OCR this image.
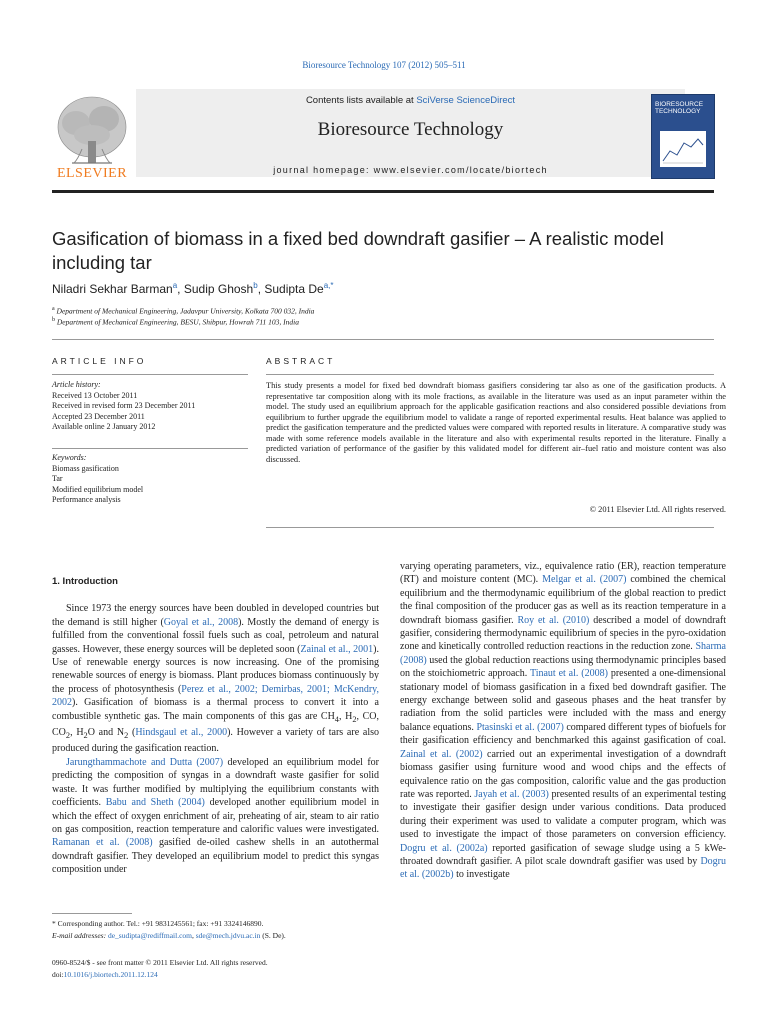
Bioresource Technology 107 (2012) 505–511
ELSEVIER
Contents lists available at SciVerse ScienceDirect
Bioresource Technology
journal homepage: www.elsevier.com/locate/biortech
BIORESOURCE TECHNOLOGY
Gasification of biomass in a fixed bed downdraft gasifier – A realistic model including tar
Niladri Sekhar Barman$^a$, Sudip Ghosh$^b$, Sudipta $De^{a,*}$
$^a$ Department of Mechanical Engineering, Jadavpur University, Kolkata 700 032, India
$^b$ Department of Mechanical Engineering, BESU, Shibpur, Howrah 711 103, India
ARTICLE INFO	ABSTRACT
Article history:
Received 13 October 2011
Received in revised form 23 December 2011
Accepted 23 December 2011
Available online 2 January 2012
Keywords:
Biomass gasification
Tar
Modified equilibrium model
Performance analysis
This study presents a model for fixed bed downdraft biomass gasifiers considering tar also as one of the gasification products. A representative tar composition along with its mole fractions, as available in the literature was used as an input parameter within the model. The study used an equilibrium approach for the applicable gasification reactions and also considered possible deviations from equilibrium to further upgrade the equilibrium model to validate a range of reported experimental results. Heat balance was applied to predict the gasification temperature and the predicted values were compared with reported results in literature. A comparative study was made with some reference models available in the literature and also with experimental results reported in the literature. Finally a predicted variation of performance of the gasifier by this validated model for different air–fuel ratio and moisture content was also discussed.
© 2011 Elsevier Ltd. All rights reserved.
1. Introduction

Since 1973 the energy sources have been doubled in developed countries but the demand is still higher (Goyal et al., 2008). Mostly the demand of energy is fulfilled from the conventional fossil fuels such as coal, petroleum and natural gasses. However, these energy sources will be depleted soon (Zainal et al., 2001). Use of renewable energy sources is now increasing. One of the promising renewable sources of energy is biomass. Plant produces biomass continuously by the process of photosynthesis (Perez et al., 2002; Demirbas, 2001; McKendry, 2002). Gasification of biomass is a thermal process to convert it into a combustible synthetic gas. The main components of this gas are $CH_4$, $H_2$, CO, $CO_2$, $H_2O$ and $N_2$ (Hindsgaul et al., 2000). However a variety of tars are also produced during the gasification reaction.

Jarungthammachote and Dutta (2007) developed an equilibrium model for predicting the composition of syngas in a downdraft waste gasifier for solid waste. It was further modified by multiplying the equilibrium constants with coefficients. Babu and Sheth (2004) developed another equilibrium model in which the effect of oxygen enrichment of air, preheating of air, steam to air ratio on gas composition, reaction temperature and calorific values were investigated. Ramanan et al. (2008) gasified de-oiled cashew shells in an autothermal downdraft gasifier. They developed an equilibrium model to predict this syngas composition under

varying operating parameters, viz., equivalence ratio (ER), reaction temperature (RT) and moisture content (MC). Melgar et al. (2007) combined the chemical equilibrium and the thermodynamic equilibrium of the global reaction to predict the final composition of the producer gas as well as its reaction temperature in a downdraft biomass gasifier. Roy et al. (2010) described a model of downdraft gasifier, considering thermodynamic equilibrium of species in the pyro-oxidation zone and kinetically controlled reduction reactions in the reduction zone. Sharma (2008) used the global reduction reactions using thermodynamic principles based on the stoichiometric approach. Tinaut et al. (2008) presented a one-dimensional stationary model of biomass gasification in a fixed bed downdraft gasifier. The energy exchange between solid and gaseous phases and the heat transfer by radiation from the solid particles were included with the mass and energy balance equations. Ptasinski et al. (2007) compared different types of biofuels for their gasification efficiency and benchmarked this against gasification of coal. Zainal et al. (2002) carried out an experimental investigation of a downdraft biomass gasifier using furniture wood and wood chips and the effects of equivalence ratio on the gas composition, calorific value and the gas production rate was reported. Jayah et al. (2003) presented results of an experimental testing to investigate their gasifier design under various conditions. Data produced during their experiment was used to validate a computer program, which was used to investigate the impact of those parameters on conversion efficiency. Dogru et al. (2002a) reported gasification of sewage sludge using a 5 kWe-throated downdraft gasifier. A pilot scale downdraft gasifier was used by Dogru et al. (2002b) to investigate

* Corresponding author. Tel.: +91 9831245561; fax: +91 3324146890.
E-mail addresses: de_sudipta@rediffmail.com, sde@mech.jdvu.ac.in (S. De).
0960-8524/$ - see front matter © 2011 Elsevier Ltd. All rights reserved.
doi:10.1016/j.biortech.2011.12.124
